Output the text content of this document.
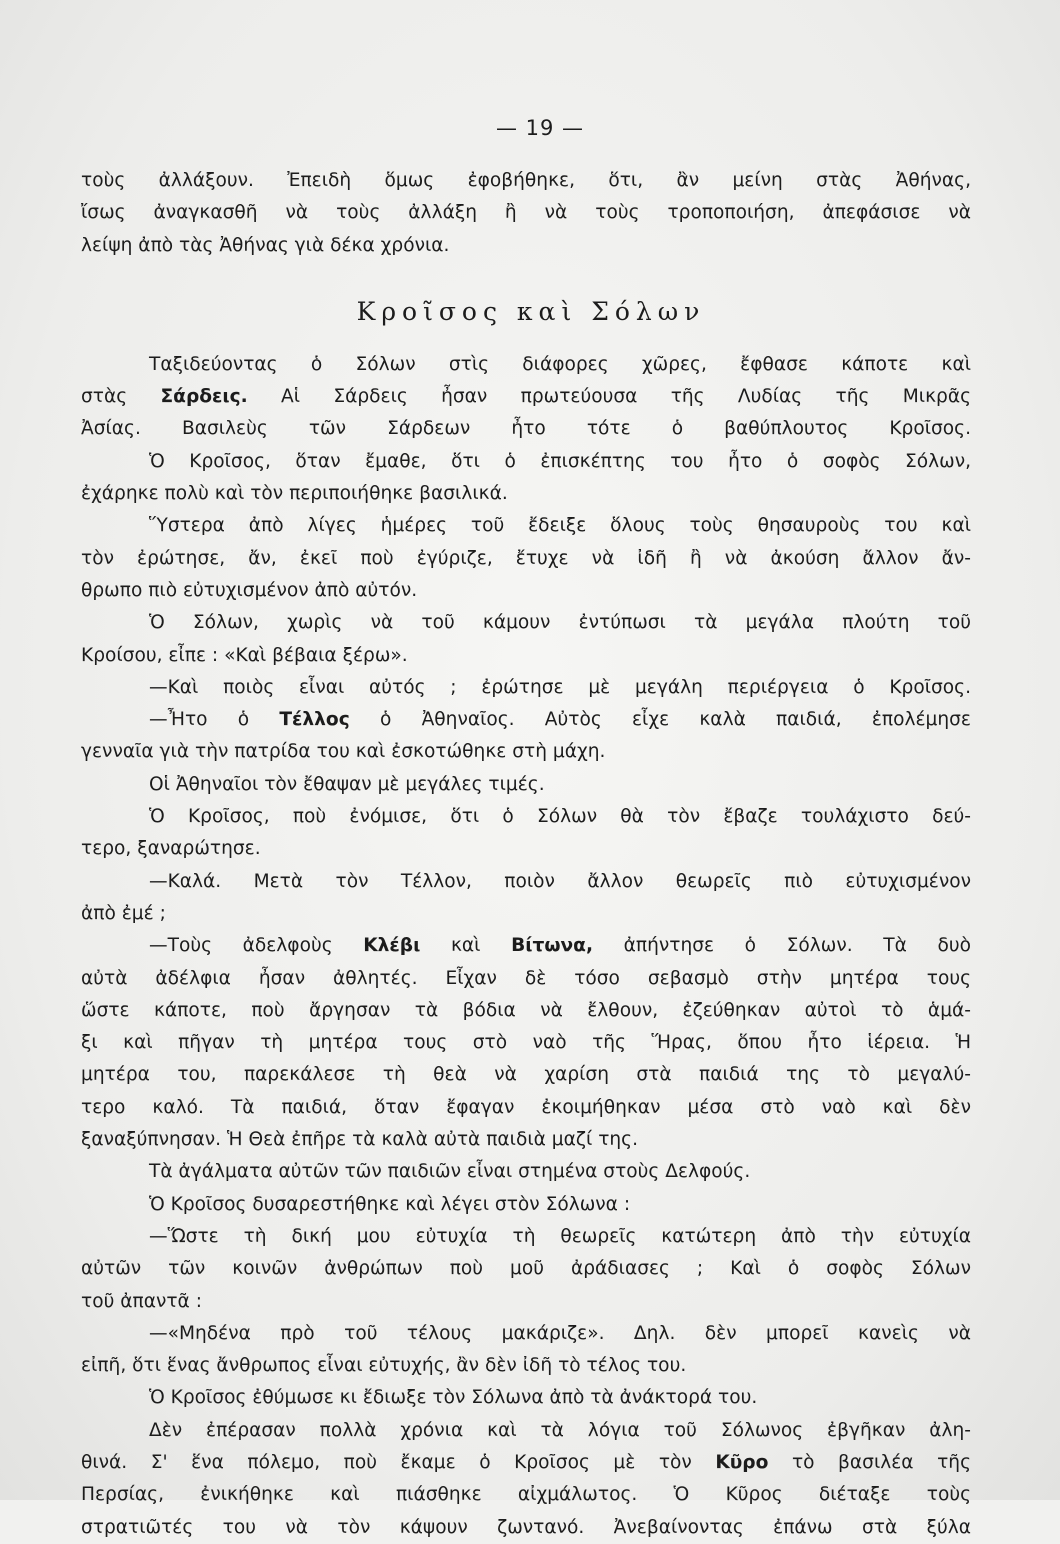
— 19 —
τοὺς ἀλλάξουν. Ἐπειδὴ ὅμως ἐφοβήθηκε, ὅτι, ἂν μείνη στὰς Ἀθήνας,
ἴσως ἀναγκασθῆ νὰ τοὺς ἀλλάξη ἢ νὰ τοὺς τροποποιήση, ἀπεφάσισε νὰ
λείψη ἀπὸ τὰς Ἀθήνας γιὰ δέκα χρόνια.
Κροῖσος καὶ Σόλων
Ταξιδεύοντας ὁ Σόλων στὶς διάφορες χῶρες, ἔφθασε κάποτε καὶ
στὰς Σάρδεις. Αἱ Σάρδεις ἦσαν πρωτεύουσα τῆς Λυδίας τῆς Μικρᾶς
Ἀσίας. Βασιλεὺς τῶν Σάρδεων ἦτο τότε ὁ βαθύπλουτος Κροῖσος.
Ὁ Κροῖσος, ὅταν ἔμαθε, ὅτι ὁ ἐπισκέπτης του ἦτο ὁ σοφὸς Σόλων,
ἐχάρηκε πολὺ καὶ τὸν περιποιήθηκε βασιλικά.
Ὕστερα ἀπὸ λίγες ἡμέρες τοῦ ἔδειξε ὅλους τοὺς θησαυροὺς του καὶ
τὸν ἐρώτησε, ἄν, ἐκεῖ ποὺ ἐγύριζε, ἔτυχε νὰ ἰδῆ ἢ νὰ ἀκούση ἄλλον ἄν-
θρωπο πιὸ εὐτυχισμένον ἀπὸ αὐτόν.
Ὁ Σόλων, χωρὶς νὰ τοῦ κάμουν ἐντύπωσι τὰ μεγάλα πλούτη τοῦ
Κροίσου, εἶπε : «Καὶ βέβαια ξέρω».
—Καὶ ποιὸς εἶναι αὐτός ; ἐρώτησε μὲ μεγάλη περιέργεια ὁ Κροῖσος.
—Ἦτο ὁ Τέλλος ὁ Ἀθηναῖος. Αὐτὸς εἶχε καλὰ παιδιά, ἐπολέμησε
γενναῖα γιὰ τὴν πατρίδα του καὶ ἐσκοτώθηκε στὴ μάχη.
Οἱ Ἀθηναῖοι τὸν ἔθαψαν μὲ μεγάλες τιμές.
Ὁ Κροῖσος, ποὺ ἐνόμισε, ὅτι ὁ Σόλων θὰ τὸν ἔβαζε τουλάχιστο δεύ-
τερο, ξαναρώτησε.
—Καλά. Μετὰ τὸν Τέλλον, ποιὸν ἄλλον θεωρεῖς πιὸ εὐτυχισμένον
ἀπὸ ἐμέ ;
—Τοὺς ἀδελφοὺς Κλέβι καὶ Βίτωνα, ἀπήντησε ὁ Σόλων. Τὰ δυὸ
αὐτὰ ἀδέλφια ἦσαν ἀθλητές. Εἶχαν δὲ τόσο σεβασμὸ στὴν μητέρα τους
ὥστε κάποτε, ποὺ ἄργησαν τὰ βόδια νὰ ἔλθουν, ἐζεύθηκαν αὐτοὶ τὸ ἁμά-
ξι καὶ πῆγαν τὴ μητέρα τους στὸ ναὸ τῆς Ἥρας, ὅπου ἦτο ἱέρεια. Ἡ
μητέρα του, παρεκάλεσε τὴ θεὰ νὰ χαρίση στὰ παιδιά της τὸ μεγαλύ-
τερο καλό. Τὰ παιδιά, ὅταν ἔφαγαν ἐκοιμήθηκαν μέσα στὸ ναὸ καὶ δὲν
ξαναξύπνησαν. Ἡ Θεὰ ἐπῆρε τὰ καλὰ αὐτὰ παιδιὰ μαζί της.
Τὰ ἀγάλματα αὐτῶν τῶν παιδιῶν εἶναι στημένα στοὺς Δελφούς.
Ὁ Κροῖσος δυσαρεστήθηκε καὶ λέγει στὸν Σόλωνα :
—Ὥστε τὴ δική μου εὐτυχία τὴ θεωρεῖς κατώτερη ἀπὸ τὴν εὐτυχία
αὐτῶν τῶν κοινῶν ἀνθρώπων ποὺ μοῦ ἀράδιασες ; Καὶ ὁ σοφὸς Σόλων
τοῦ ἀπαντᾶ :
—«Μηδένα πρὸ τοῦ τέλους μακάριζε». Δηλ. δὲν μπορεῖ κανεὶς νὰ
εἰπῆ, ὅτι ἕνας ἄνθρωπος εἶναι εὐτυχής, ἂν δὲν ἰδῆ τὸ τέλος του.
Ὁ Κροῖσος ἐθύμωσε κι ἔδιωξε τὸν Σόλωνα ἀπὸ τὰ ἀνάκτορά του.
Δὲν ἐπέρασαν πολλὰ χρόνια καὶ τὰ λόγια τοῦ Σόλωνος ἐβγῆκαν ἀλη-
θινά. Σ' ἕνα πόλεμο, ποὺ ἔκαμε ὁ Κροῖσος μὲ τὸν Κῦρο τὸ βασιλέα τῆς
Περσίας, ἐνικήθηκε καὶ πιάσθηκε αἰχμάλωτος. Ὁ Κῦρος διέταξε τοὺς
στρατιῶτές του νὰ τὸν κάψουν ζωντανό. Ἀνεβαίνοντας ἐπάνω στὰ ξύλα
